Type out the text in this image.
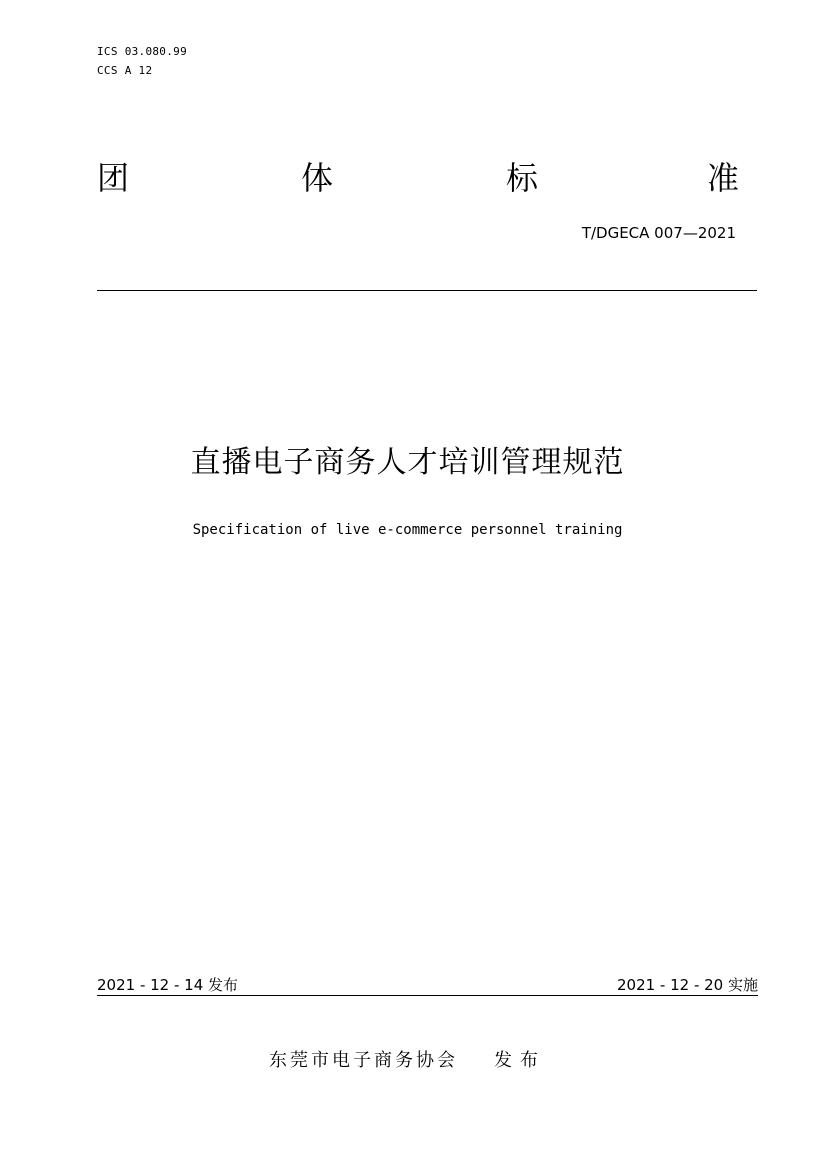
ICS 03.080.99
CCS A 12
团	体	标	准
T/DGECA 007—2021
直播电子商务人才培训管理规范
Specification of live e-commerce personnel training
2021 - 12 - 14 发布	2021 - 12 - 20 实施
东莞市电子商务协会 发布
